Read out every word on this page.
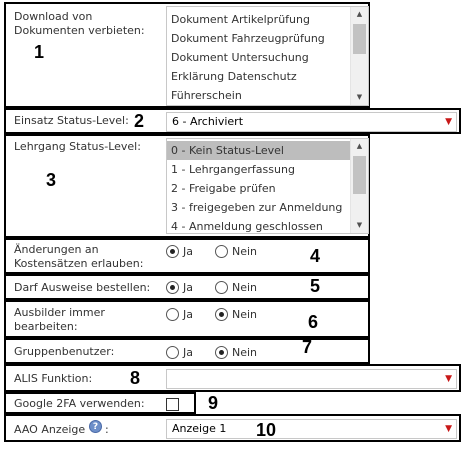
Download von
Dokumenten verbieten:
1
Dokument Artikelprüfung
Dokument Fahrzeugprüfung
Dokument Untersuchung
Erklärung Datenschutz
Führerschein
▲
▼
Einsatz Status-Level: 2	6 - Archiviert	▼
Lehrgang Status-Level:
3
0 - Kein Status-Level
1 - Lehrgangerfassung
2 - Freigabe prüfen
3 - freigegeben zur Anmeldung
4 - Anmeldung geschlossen
▲
▼
Änderungen an
Kostensätzen erlauben:
Ja	Nein	4
Darf Ausweise bestellen:	Ja	Nein	5
Ausbilder immer
bearbeiten:
Ja	Nein	6
Gruppenbenutzer:	Ja	Nein 7
ALIS Funktion: 8	▼
Google 2FA verwenden:	9
AAO Anzeige ? :	Anzeige 1	▼
10
